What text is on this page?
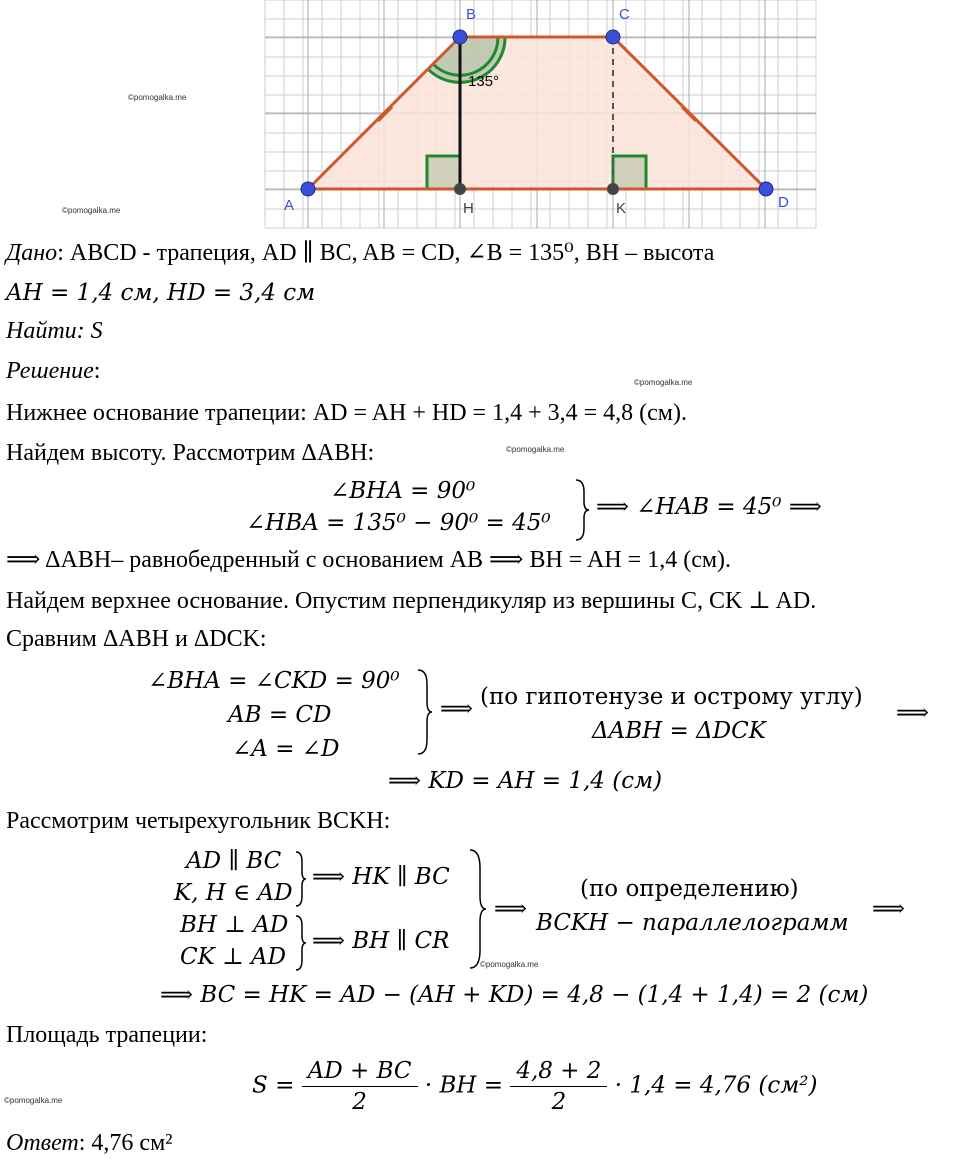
135°
A
B	C
D
H	K
©pomogalka.me
©pomogalka.me
©pomogalka.me
©pomogalka.me
©pomogalka.me
©pomogalka.me
Дано: ABCD - трапеция, AD ∥ BC, AB = CD, ∠B = 135⁰, BH – высота
AH = 1,4 см, HD = 3,4 см
Найти: S
Решение:
Нижнее основание трапеции: AD = AH + HD = 1,4 + 3,4 = 4,8 (см).
Найдем высоту. Рассмотрим ΔABH:
∠BHA = 90⁰
∠HBA = 135⁰ − 90⁰ = 45⁰
⟹ ∠HAB = 45⁰ ⟹
⟹ ΔABH– равнобедренный с основанием AB ⟹ BH = AH = 1,4 (см).
Найдем верхнее основание. Опустим перпендикуляр из вершины C, CK ⊥ AD.
Сравним ΔABH и ΔDCK:
∠BHA = ∠CKD = 90⁰
AB = CD
∠A = ∠D
⟹ (по гипотенузе и острому углу)
ΔABH = ΔDCK
⟹
⟹ KD = AH = 1,4 (см)
Рассмотрим четырехугольник BCKH:
AD ∥ BC
K, H ∈ AD
⟹ HK ∥ BC
BH ⊥ AD
CK ⊥ AD
⟹ BH ∥ CR
⟹
(по определению)
BCKH − параллелограмм
⟹
⟹ BC = HK = AD − (AH + KD) = 4,8 − (1,4 + 1,4) = 2 (см)
Площадь трапеции:
$S = \frac{AD + BC}{2}$ · BH = $\frac{4,8 + 2}{2} \cdot 1,4 = 4,76$ (см²)
Ответ: 4,76 см²
